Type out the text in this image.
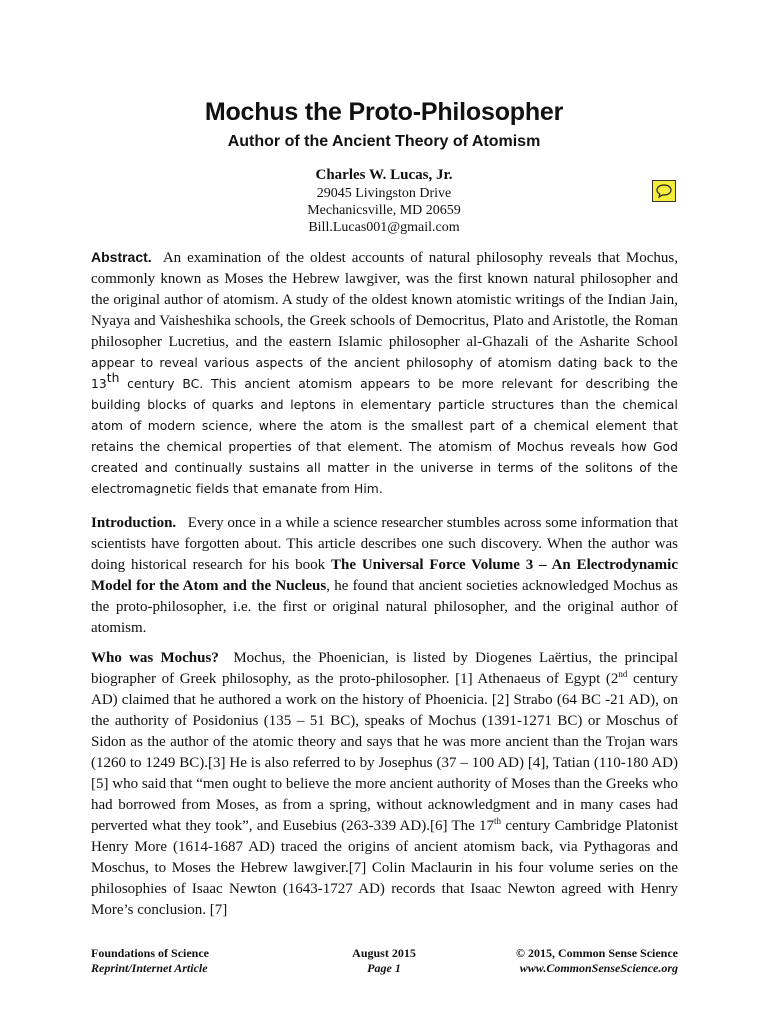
Mochus the Proto-Philosopher
Author of the Ancient Theory of Atomism
Charles W. Lucas, Jr.
29045 Livingston Drive
Mechanicsville, MD 20659
Bill.Lucas001@gmail.com
Abstract. An examination of the oldest accounts of natural philosophy reveals that Mochus, commonly known as Moses the Hebrew lawgiver, was the first known natural philosopher and the original author of atomism. A study of the oldest known atomistic writings of the Indian Jain, Nyaya and Vaisheshika schools, the Greek schools of Democritus, Plato and Aristotle, the Roman philosopher Lucretius, and the eastern Islamic philosopher al-Ghazali of the Asharite School appear to reveal various aspects of the ancient philosophy of atomism dating back to the 13th century BC. This ancient atomism appears to be more relevant for describing the building blocks of quarks and leptons in elementary particle structures than the chemical atom of modern science, where the atom is the smallest part of a chemical element that retains the chemical properties of that element. The atomism of Mochus reveals how God created and continually sustains all matter in the universe in terms of the solitons of the electromagnetic fields that emanate from Him.
Introduction. Every once in a while a science researcher stumbles across some information that scientists have forgotten about. This article describes one such discovery. When the author was doing historical research for his book The Universal Force Volume 3 – An Electrodynamic Model for the Atom and the Nucleus, he found that ancient societies acknowledged Mochus as the proto-philosopher, i.e. the first or original natural philosopher, and the original author of atomism.
Who was Mochus? Mochus, the Phoenician, is listed by Diogenes Laërtius, the principal biographer of Greek philosophy, as the proto-philosopher. [1] Athenaeus of Egypt (2nd century AD) claimed that he authored a work on the history of Phoenicia. [2] Strabo (64 BC -21 AD), on the authority of Posidonius (135 – 51 BC), speaks of Mochus (1391-1271 BC) or Moschus of Sidon as the author of the atomic theory and says that he was more ancient than the Trojan wars (1260 to 1249 BC).[3] He is also referred to by Josephus (37 – 100 AD) [4], Tatian (110-180 AD) [5] who said that “men ought to believe the more ancient authority of Moses than the Greeks who had borrowed from Moses, as from a spring, without acknowledgment and in many cases had perverted what they took”, and Eusebius (263-339 AD).[6] The 17th century Cambridge Platonist Henry More (1614-1687 AD) traced the origins of ancient atomism back, via Pythagoras and Moschus, to Moses the Hebrew lawgiver.[7] Colin Maclaurin in his four volume series on the philosophies of Isaac Newton (1643-1727 AD) records that Isaac Newton agreed with Henry More’s conclusion. [7]
Foundations of Science
Reprint/Internet Article
August 2015
Page 1
© 2015, Common Sense Science
www.CommonSenseScience.org
